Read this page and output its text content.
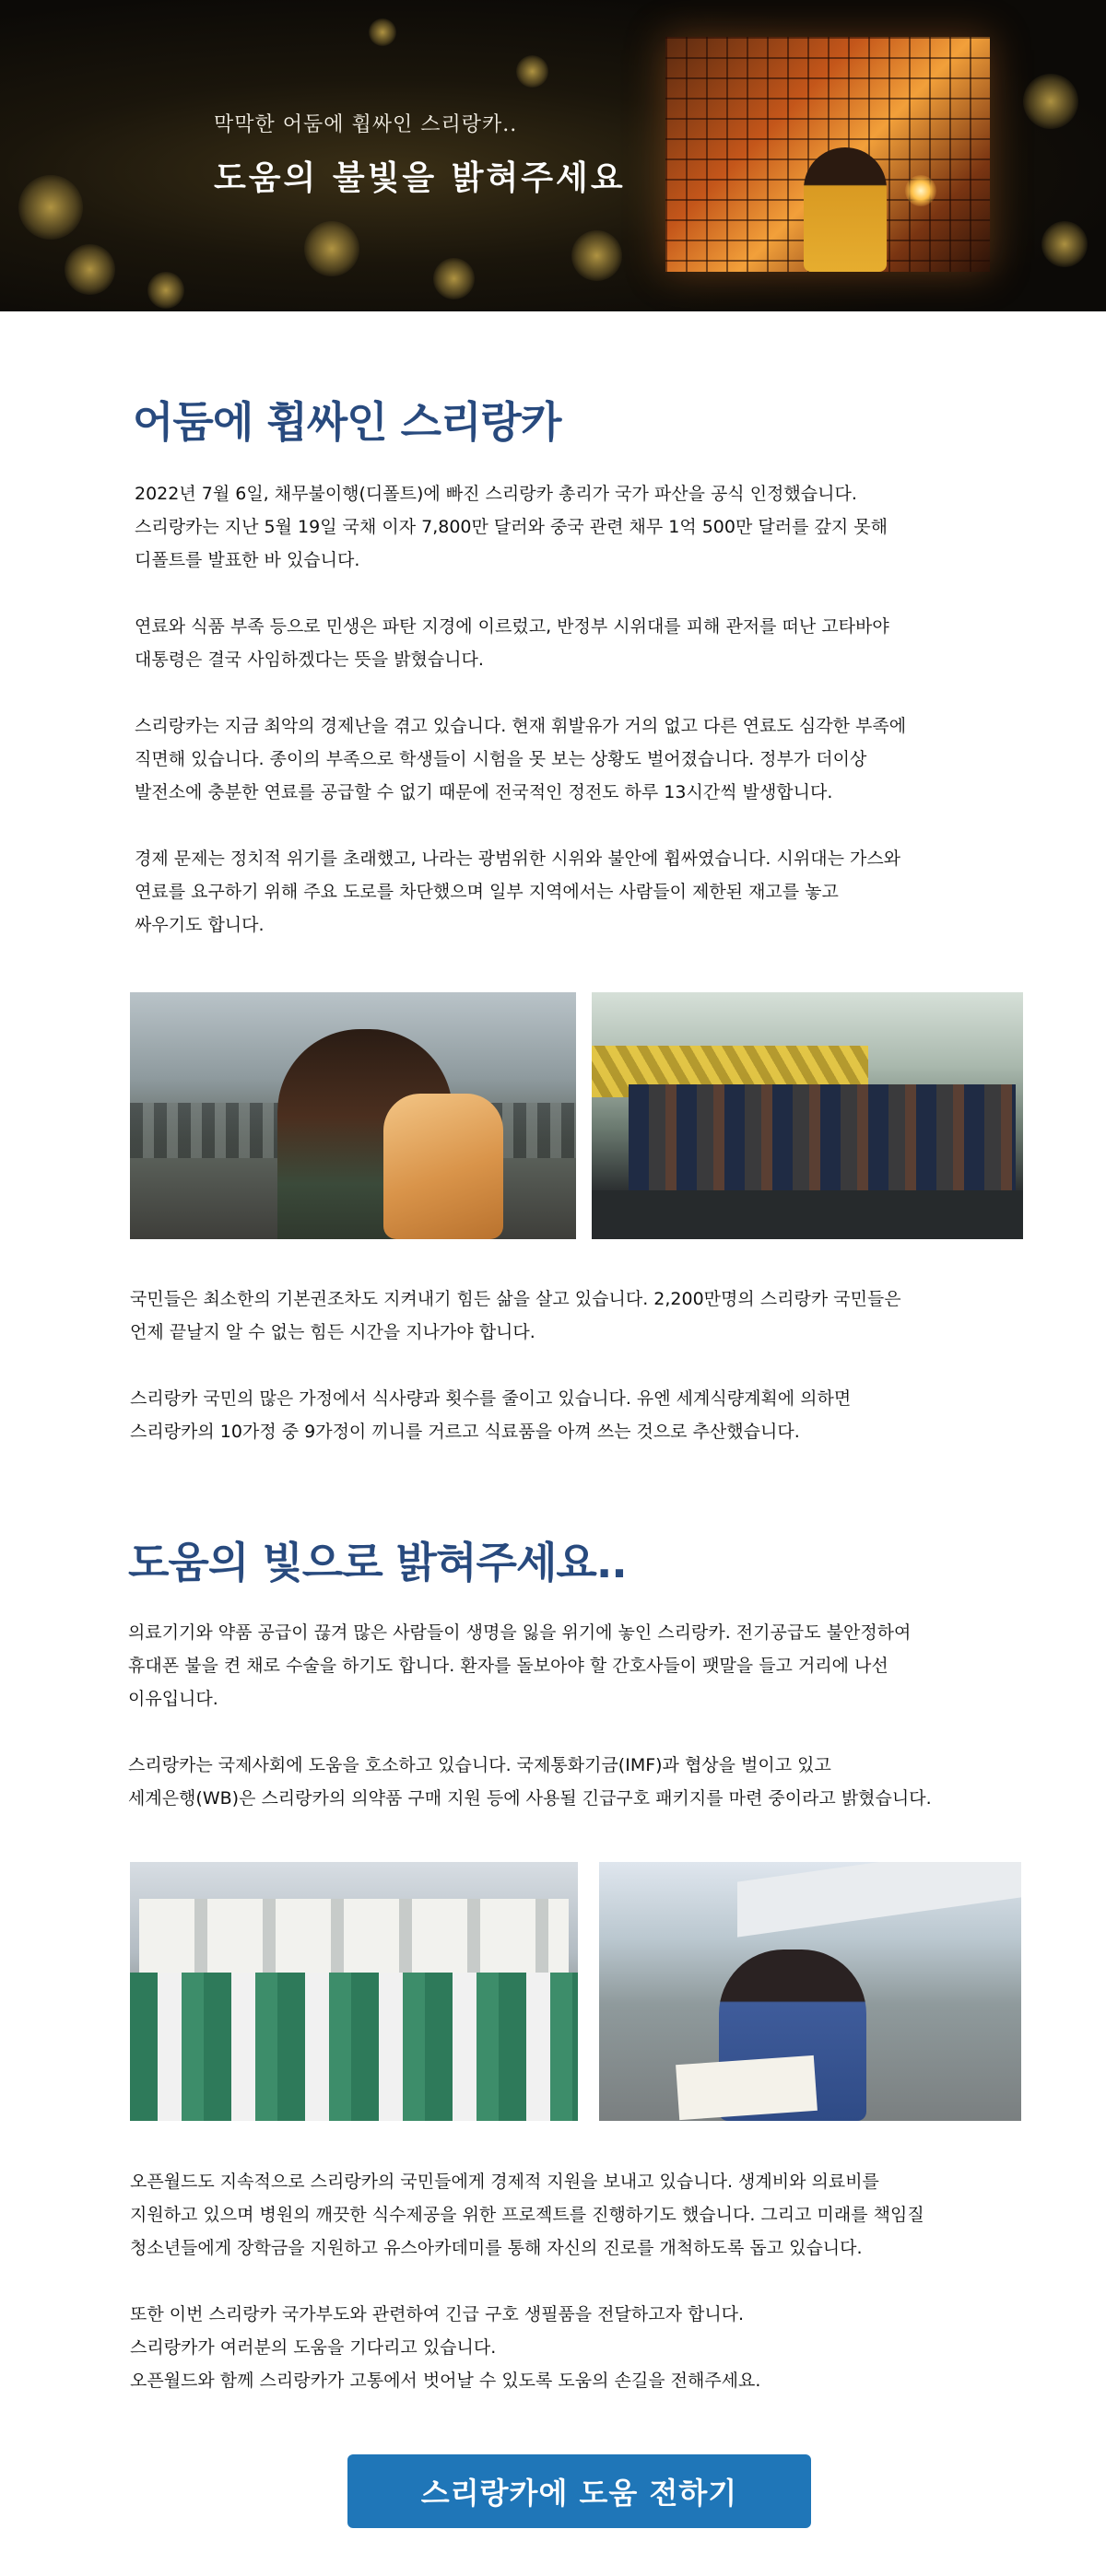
막막한 어둠에 휩싸인 스리랑카..

도움의 불빛을 밝혀주세요

어둠에 휩싸인 스리랑카

2022년 7월 6일, 채무불이행(디폴트)에 빠진 스리랑카 총리가 국가 파산을 공식 인정했습니다.
스리랑카는 지난 5월 19일 국채 이자 7,800만 달러와 중국 관련 채무 1억 500만 달러를 갚지 못해
디폴트를 발표한 바 있습니다.

연료와 식품 부족 등으로 민생은 파탄 지경에 이르렀고, 반정부 시위대를 피해 관저를 떠난 고타바야
대통령은 결국 사임하겠다는 뜻을 밝혔습니다.

스리랑카는 지금 최악의 경제난을 겪고 있습니다. 현재 휘발유가 거의 없고 다른 연료도 심각한 부족에
직면해 있습니다. 종이의 부족으로 학생들이 시험을 못 보는 상황도 벌어졌습니다. 정부가 더이상
발전소에 충분한 연료를 공급할 수 없기 때문에 전국적인 정전도 하루 13시간씩 발생합니다.

경제 문제는 정치적 위기를 초래했고, 나라는 광범위한 시위와 불안에 휩싸였습니다. 시위대는 가스와
연료를 요구하기 위해 주요 도로를 차단했으며 일부 지역에서는 사람들이 제한된 재고를 놓고
싸우기도 합니다.

국민들은 최소한의 기본권조차도 지켜내기 힘든 삶을 살고 있습니다. 2,200만명의 스리랑카 국민들은
언제 끝날지 알 수 없는 힘든 시간을 지나가야 합니다.

스리랑카 국민의 많은 가정에서 식사량과 횟수를 줄이고 있습니다. 유엔 세계식량계획에 의하면
스리랑카의 10가정 중 9가정이 끼니를 거르고 식료품을 아껴 쓰는 것으로 추산했습니다.

도움의 빛으로 밝혀주세요..

의료기기와 약품 공급이 끊겨 많은 사람들이 생명을 잃을 위기에 놓인 스리랑카. 전기공급도 불안정하여
휴대폰 불을 켠 채로 수술을 하기도 합니다. 환자를 돌보아야 할 간호사들이 팻말을 들고 거리에 나선
이유입니다.

스리랑카는 국제사회에 도움을 호소하고 있습니다. 국제통화기금(IMF)과 협상을 벌이고 있고
세계은행(WB)은 스리랑카의 의약품 구매 지원 등에 사용될 긴급구호 패키지를 마련 중이라고 밝혔습니다.

오픈월드도 지속적으로 스리랑카의 국민들에게 경제적 지원을 보내고 있습니다. 생계비와 의료비를
지원하고 있으며 병원의 깨끗한 식수제공을 위한 프로젝트를 진행하기도 했습니다. 그리고 미래를 책임질
청소년들에게 장학금을 지원하고 유스아카데미를 통해 자신의 진로를 개척하도록 돕고 있습니다.

또한 이번 스리랑카 국가부도와 관련하여 긴급 구호 생필품을 전달하고자 합니다.
스리랑카가 여러분의 도움을 기다리고 있습니다.
오픈월드와 함께 스리랑카가 고통에서 벗어날 수 있도록 도움의 손길을 전해주세요.

스리랑카에 도움 전하기
